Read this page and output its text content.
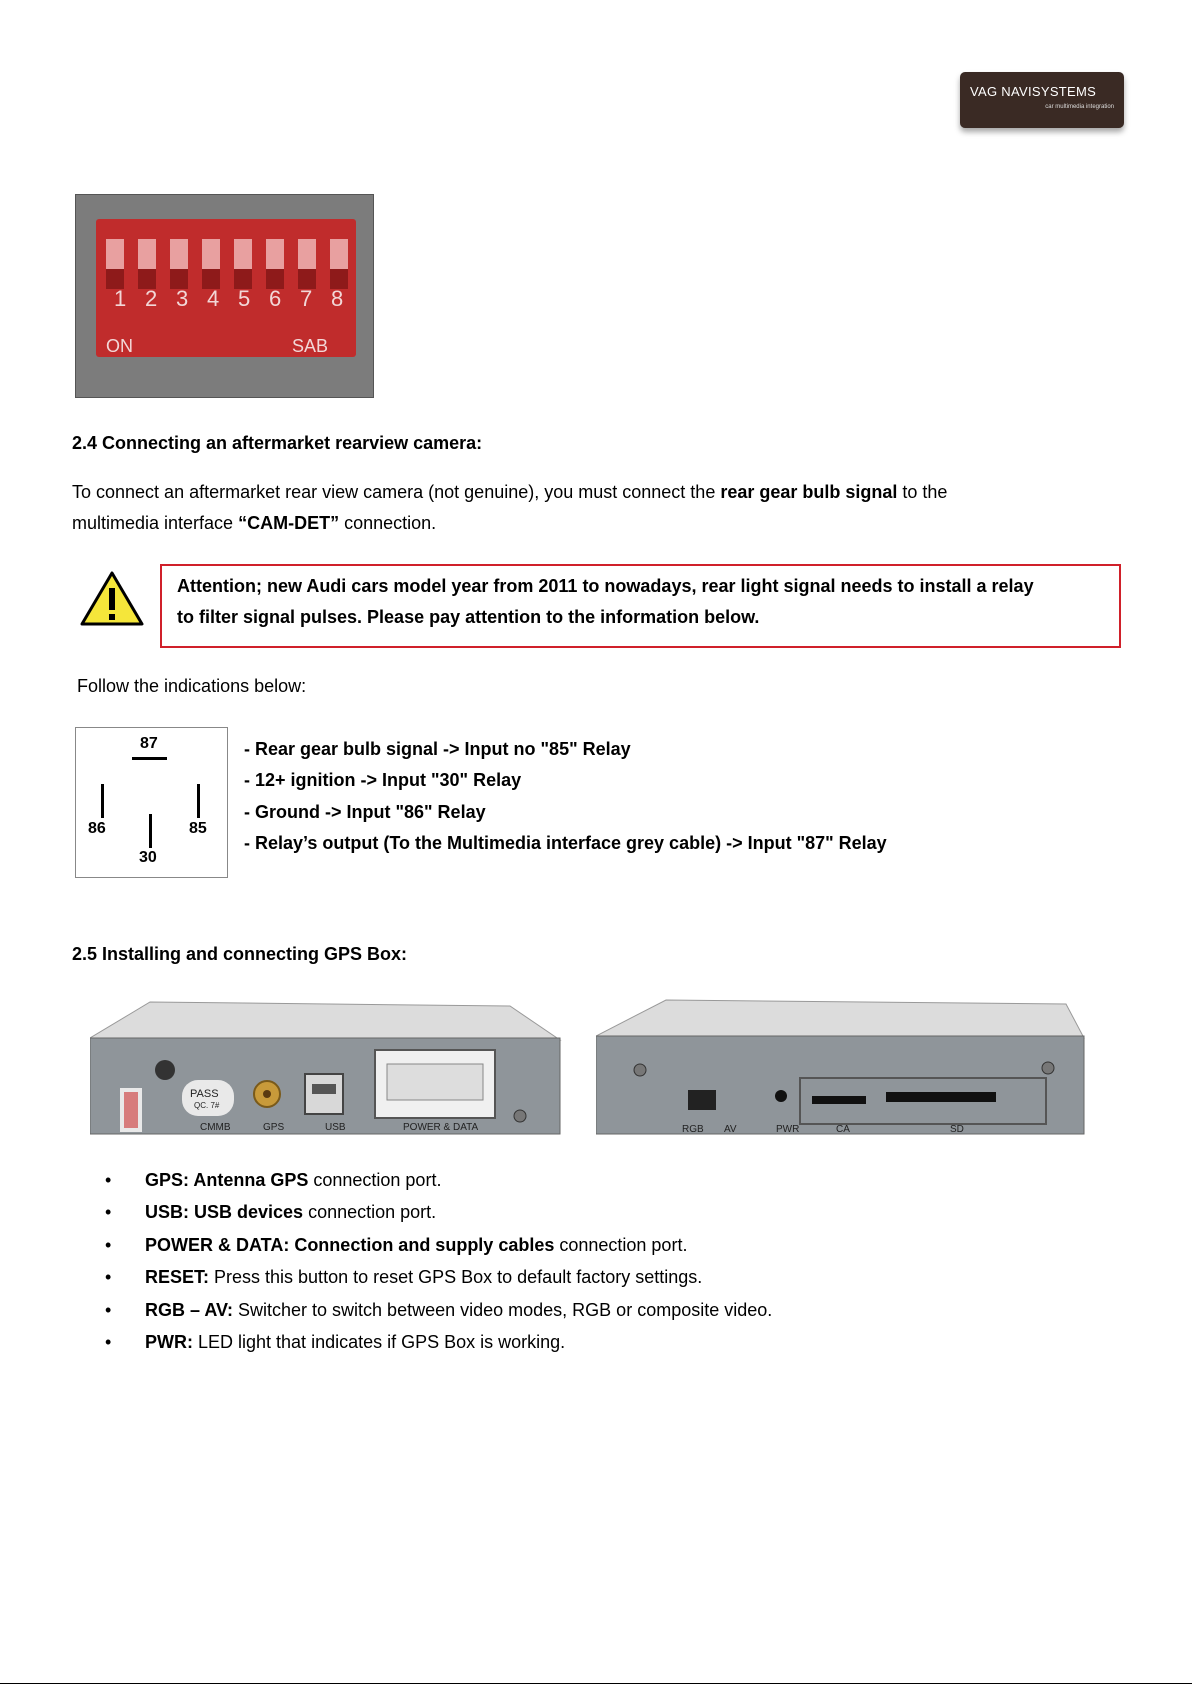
VAG NAVISYSTEMS
car multimedia integration
1 2 3 4 5 6 7 8
ON	SAB
2.4 Connecting an aftermarket rearview camera:
To connect an aftermarket rear view camera (not genuine), you must connect the rear gear bulb signal to the
multimedia interface “CAM-DET” connection.
Attention; new Audi cars model year from 2011 to nowadays, rear light signal needs to install a relay
to filter signal pulses. Please pay attention to the information below.
Follow the indications below:
87
86	85
30
- Rear gear bulb signal -> Input no "85" Relay
- 12+ ignition -> Input "30" Relay
- Ground -> Input "86" Relay
- Relay’s output (To the Multimedia interface grey cable) -> Input "87" Relay
2.5 Installing and connecting GPS Box:
PASS
QC. 7#
CMMB	GPS	USB	POWER & DATA	RGB AV	PWR	CA	SD
• GPS: Antenna GPS connection port.
• USB: USB devices connection port.
• POWER & DATA: Connection and supply cables connection port.
• RESET: Press this button to reset GPS Box to default factory settings.
• RGB – AV: Switcher to switch between video modes, RGB or composite video.
• PWR: LED light that indicates if GPS Box is working.
